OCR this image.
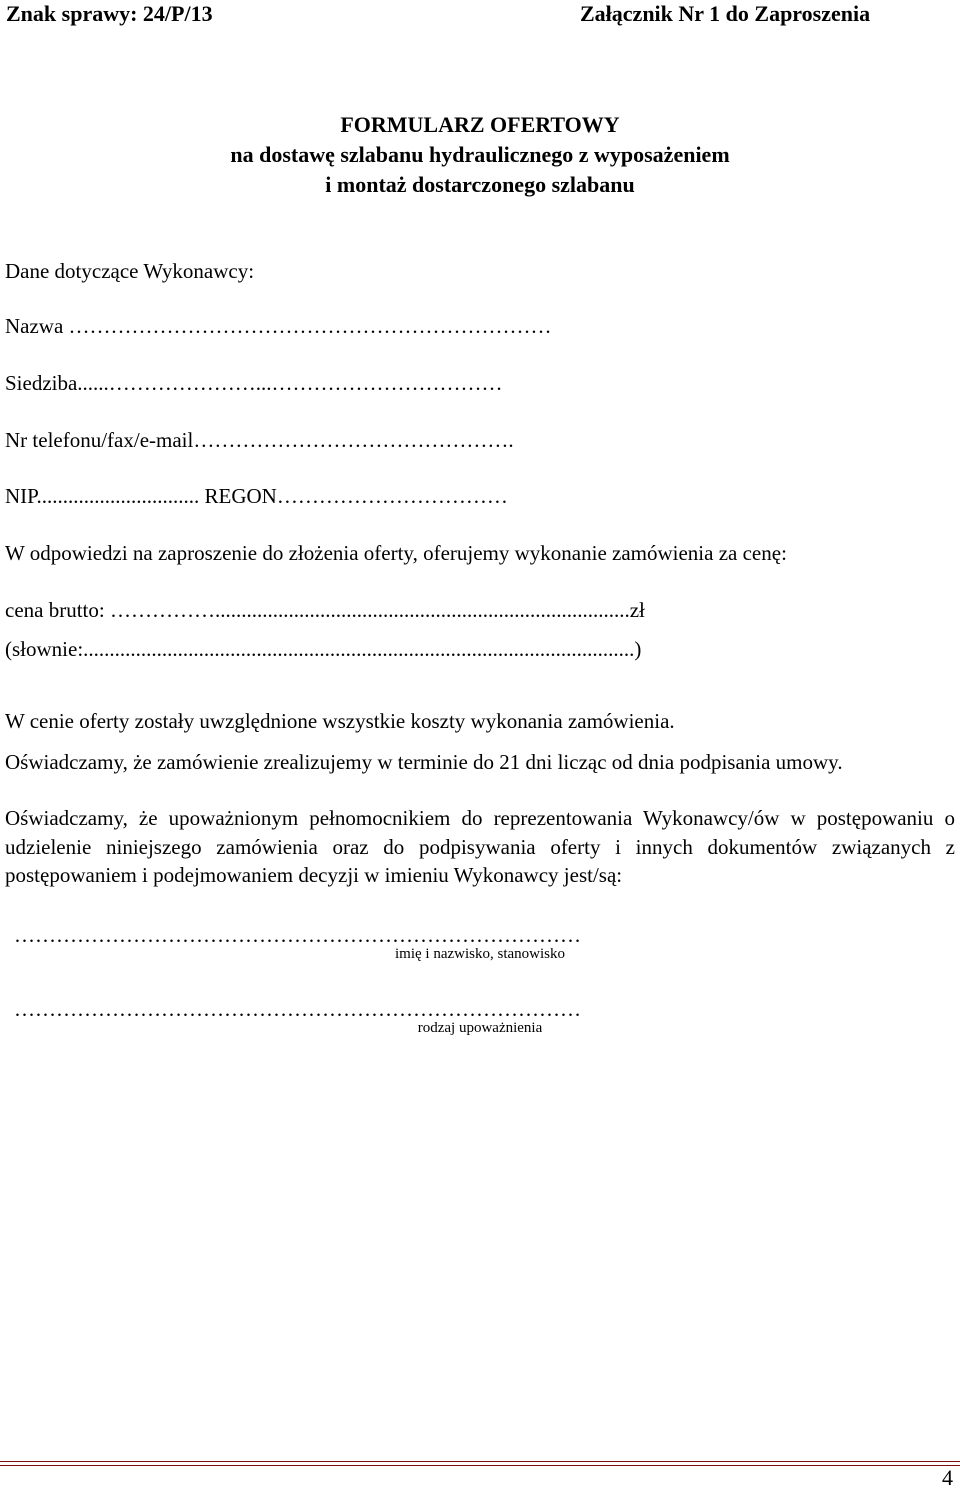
Znak sprawy: 24/P/13	Załącznik Nr 1 do Zaproszenia
FORMULARZ OFERTOWY
na dostawę szlabanu hydraulicznego z wyposażeniem
i montaż dostarczonego szlabanu
Dane dotyczące Wykonawcy:
Nazwa ……………………………………………………………
Siedziba......…………………...……………………………
Nr telefonu/fax/e-mail……………………………………….
NIP............................... REGON……………………………
W odpowiedzi na zaproszenie do złożenia oferty, oferujemy wykonanie zamówienia za cenę:
cena brutto: ……………...............................................................................zł
(słownie:.........................................................................................................)
W cenie oferty zostały uwzględnione wszystkie koszty wykonania zamówienia.
Oświadczamy, że zamówienie zrealizujemy w terminie do 21 dni licząc od dnia podpisania umowy.
Oświadczamy, że upoważnionym pełnomocnikiem do reprezentowania Wykonawcy/ów w postępowaniu o udzielenie niniejszego zamówienia oraz do podpisywania oferty i innych dokumentów związanych z postępowaniem i podejmowaniem decyzji w imieniu Wykonawcy jest/są:
………………………………………………………………………
imię i nazwisko, stanowisko
………………………………………………………………………
rodzaj upoważnienia
4
